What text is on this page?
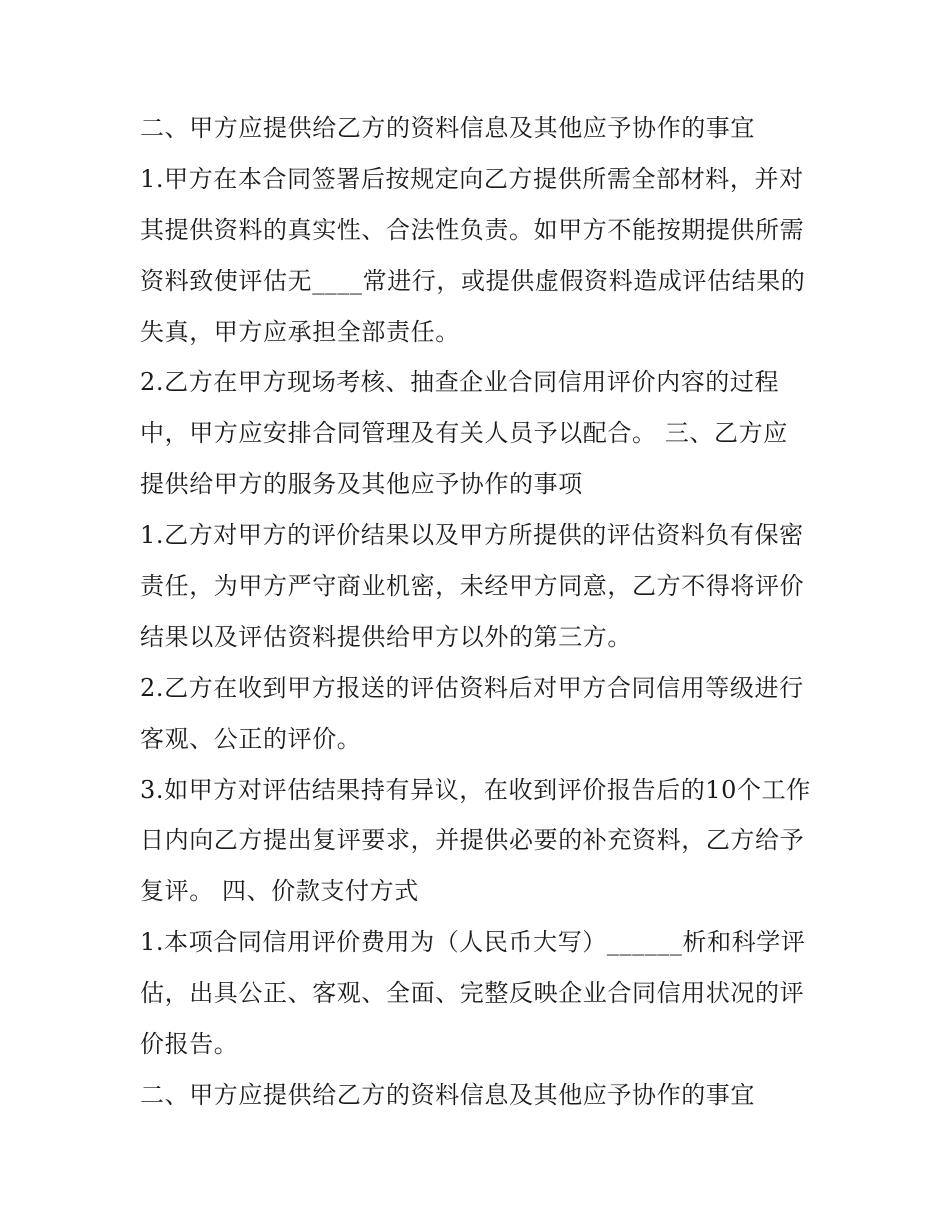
二、甲方应提供给乙方的资料信息及其他应予协作的事宜
1.甲方在本合同签署后按规定向乙方提供所需全部材料，并对
其提供资料的真实性、合法性负责。如甲方不能按期提供所需
资料致使评估无____常进行，或提供虚假资料造成评估结果的
失真，甲方应承担全部责任。
2.乙方在甲方现场考核、抽查企业合同信用评价内容的过程
中，甲方应安排合同管理及有关人员予以配合。 三、乙方应
提供给甲方的服务及其他应予协作的事项
1.乙方对甲方的评价结果以及甲方所提供的评估资料负有保密
责任，为甲方严守商业机密，未经甲方同意，乙方不得将评价
结果以及评估资料提供给甲方以外的第三方。
2.乙方在收到甲方报送的评估资料后对甲方合同信用等级进行
客观、公正的评价。
3.如甲方对评估结果持有异议，在收到评价报告后的10个工作
日内向乙方提出复评要求，并提供必要的补充资料，乙方给予
复评。 四、价款支付方式
1.本项合同信用评价费用为（人民币大写）______析和科学评
估，出具公正、客观、全面、完整反映企业合同信用状况的评
价报告。
二、甲方应提供给乙方的资料信息及其他应予协作的事宜
